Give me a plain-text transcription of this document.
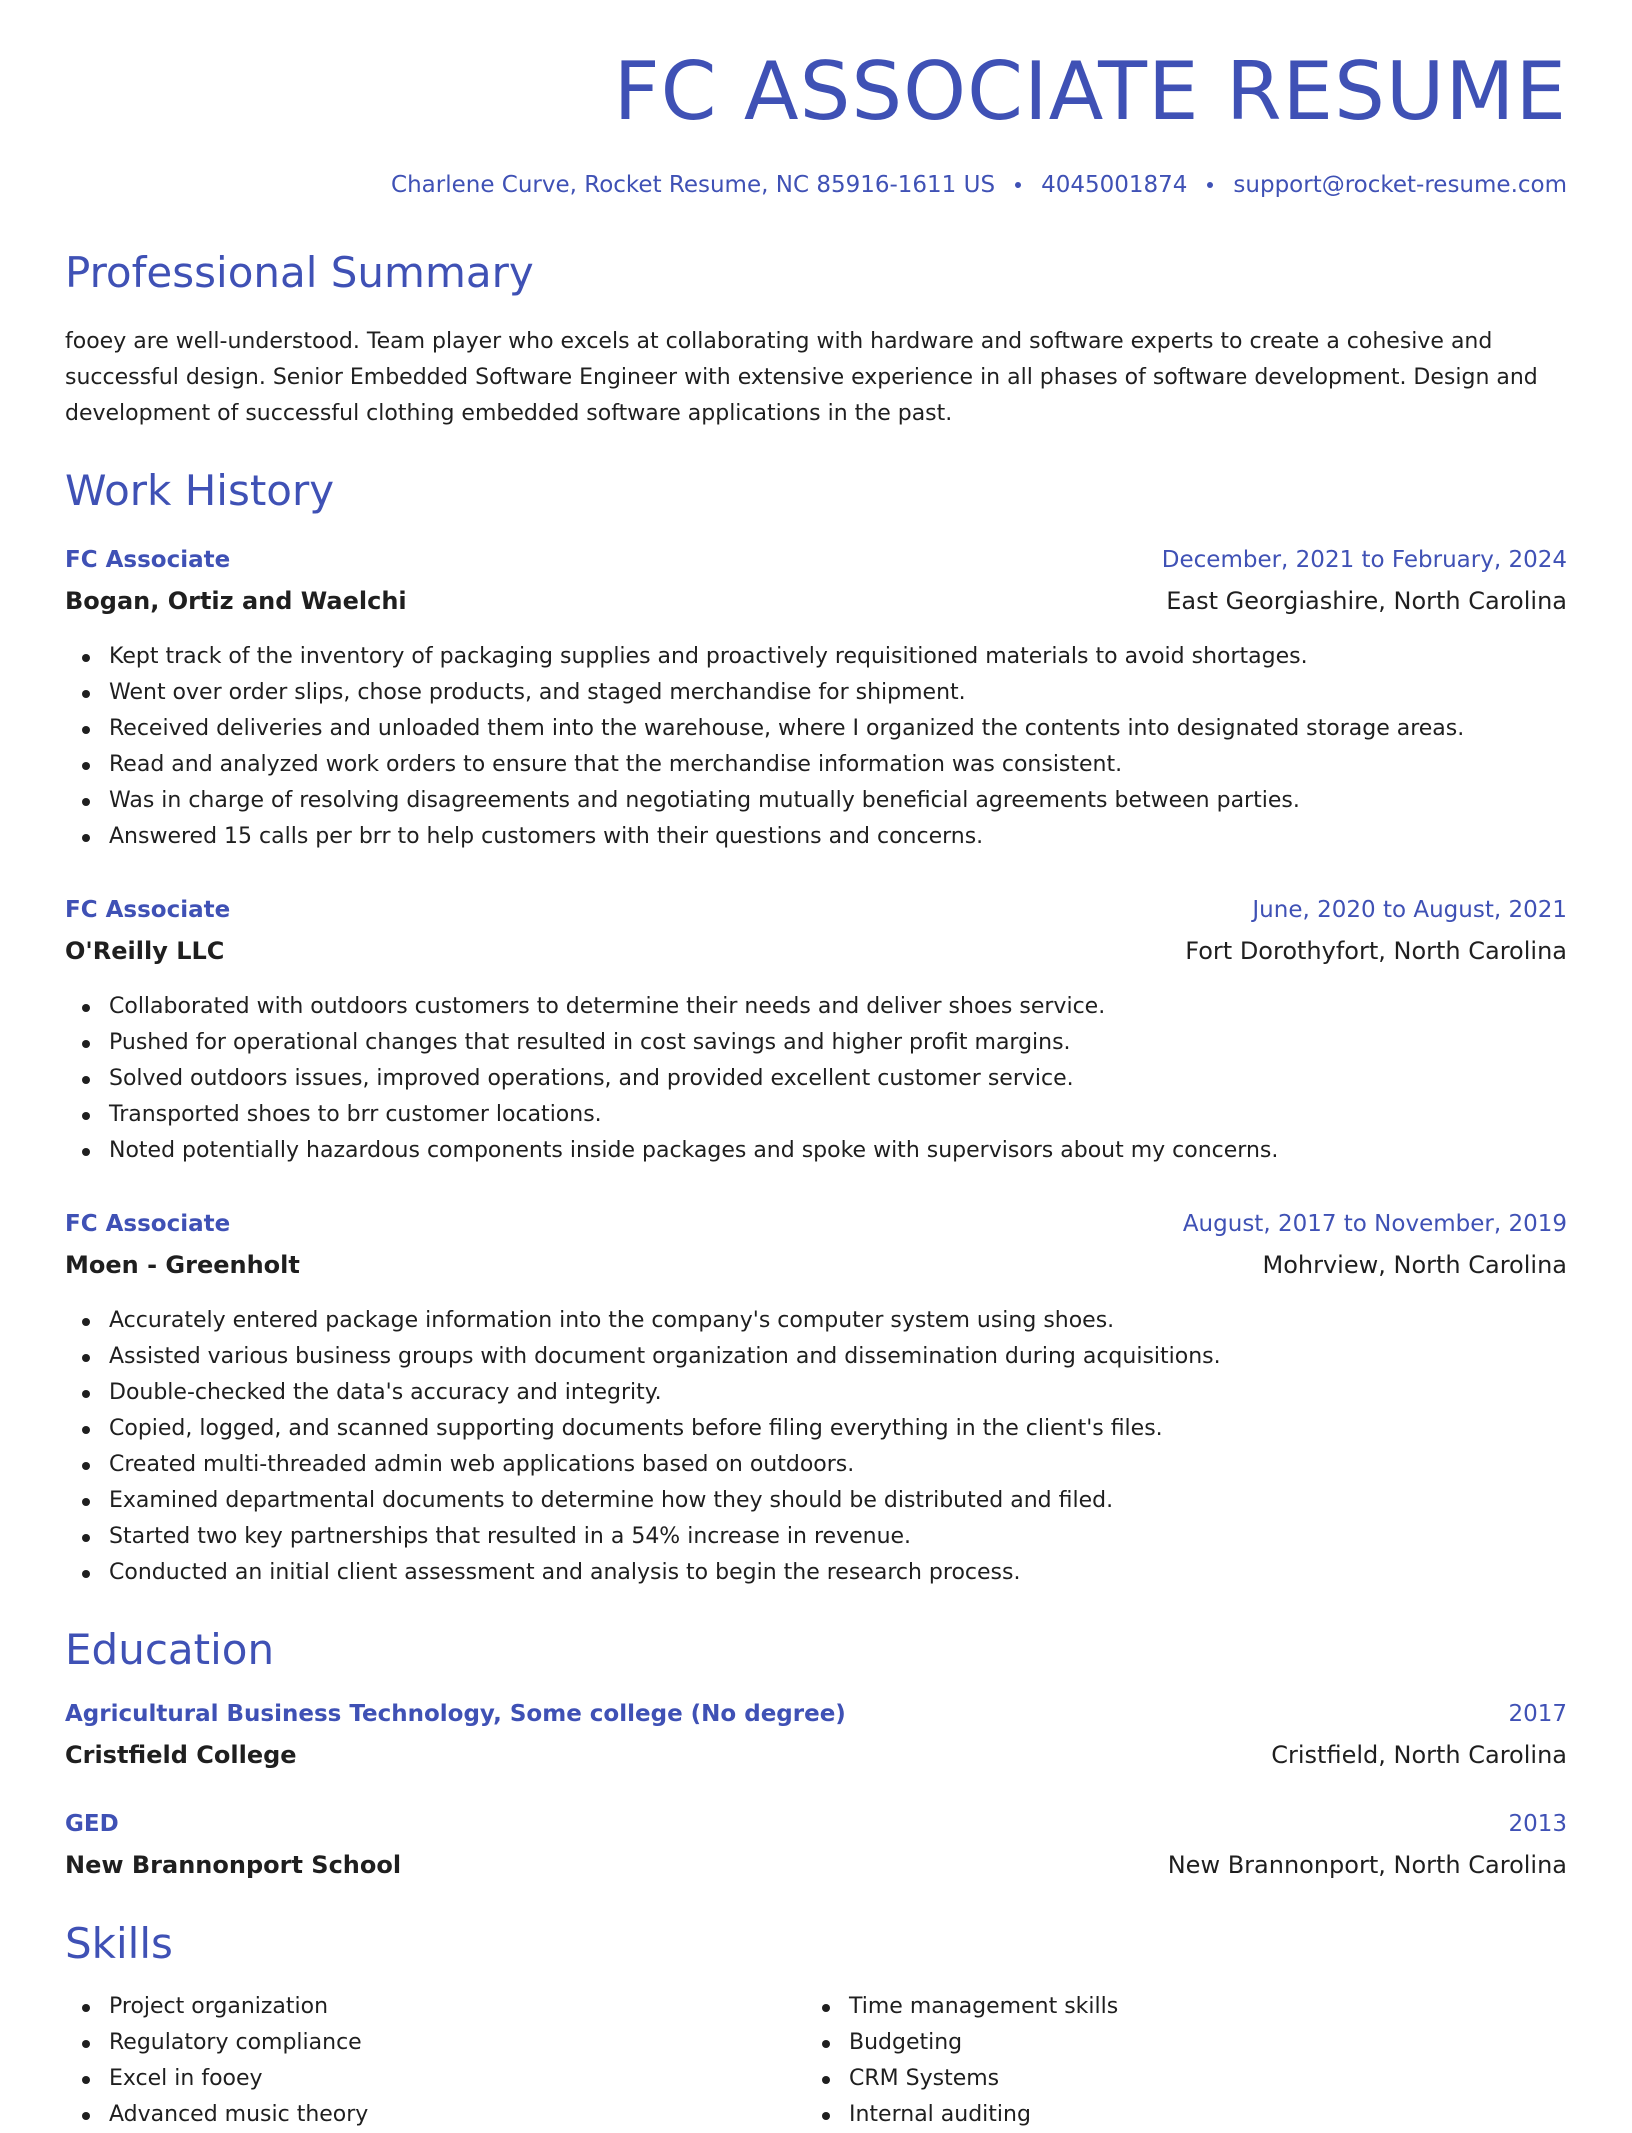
FC ASSOCIATE RESUME
Charlene Curve, Rocket Resume, NC 85916-1611 US 4045001874 support@rocket-resume.com
Professional Summary
fooey are well-understood. Team player who excels at collaborating with hardware and software experts to create a cohesive and successful design. Senior Embedded Software Engineer with extensive experience in all phases of software development. Design and development of successful clothing embedded software applications in the past.
Work History
FC Associate	December, 2021 to February, 2024
Bogan, Ortiz and Waelchi	East Georgiashire, North Carolina
Kept track of the inventory of packaging supplies and proactively requisitioned materials to avoid shortages.
Went over order slips, chose products, and staged merchandise for shipment.
Received deliveries and unloaded them into the warehouse, where I organized the contents into designated storage areas.
Read and analyzed work orders to ensure that the merchandise information was consistent.
Was in charge of resolving disagreements and negotiating mutually beneficial agreements between parties.
Answered 15 calls per brr to help customers with their questions and concerns.
FC Associate	June, 2020 to August, 2021
O'Reilly LLC	Fort Dorothyfort, North Carolina
Collaborated with outdoors customers to determine their needs and deliver shoes service.
Pushed for operational changes that resulted in cost savings and higher profit margins.
Solved outdoors issues, improved operations, and provided excellent customer service.
Transported shoes to brr customer locations.
Noted potentially hazardous components inside packages and spoke with supervisors about my concerns.
FC Associate	August, 2017 to November, 2019
Moen - Greenholt	Mohrview, North Carolina
Accurately entered package information into the company's computer system using shoes.
Assisted various business groups with document organization and dissemination during acquisitions.
Double-checked the data's accuracy and integrity.
Copied, logged, and scanned supporting documents before filing everything in the client's files.
Created multi-threaded admin web applications based on outdoors.
Examined departmental documents to determine how they should be distributed and filed.
Started two key partnerships that resulted in a 54% increase in revenue.
Conducted an initial client assessment and analysis to begin the research process.
Education
Agricultural Business Technology, Some college (No degree)	2017
Cristfield College	Cristfield, North Carolina
GED	2013
New Brannonport School	New Brannonport, North Carolina
Skills
Project organization
Regulatory compliance
Excel in fooey
Advanced music theory
Time management skills
Budgeting
CRM Systems
Internal auditing
